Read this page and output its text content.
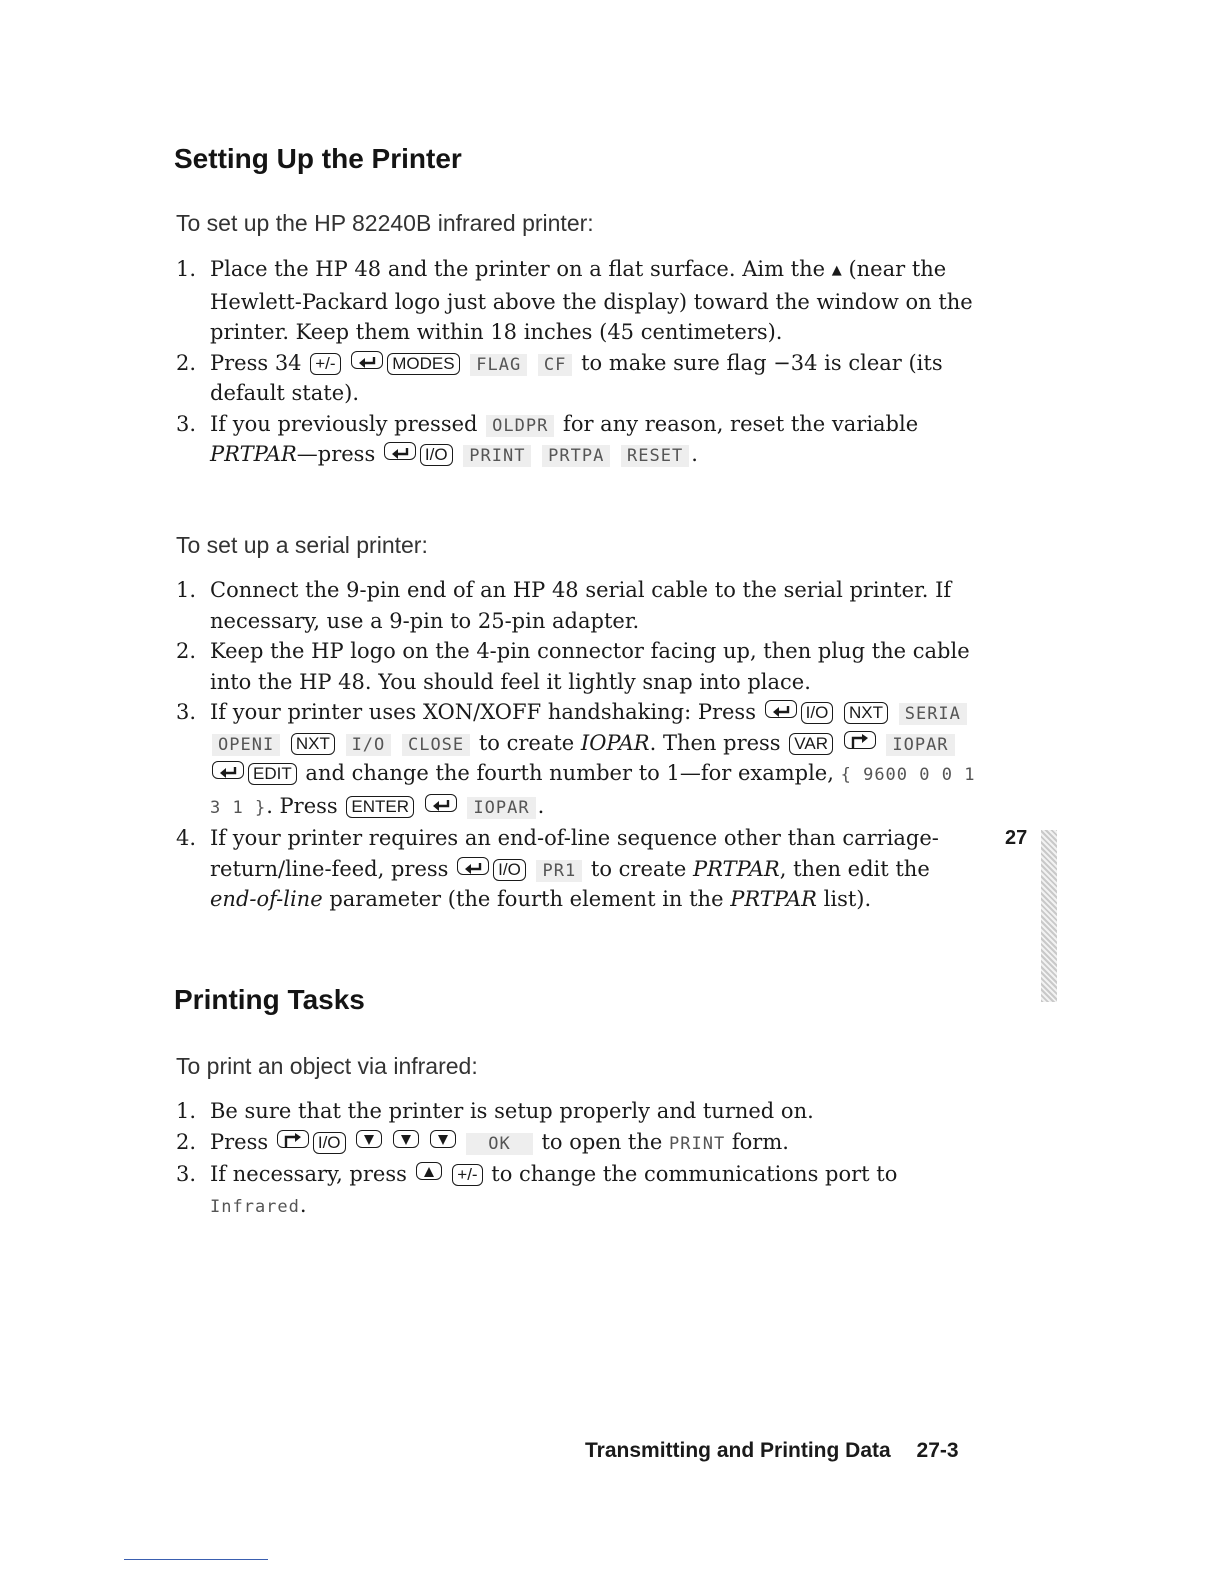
Setting Up the Printer
To set up the HP 82240B infrared printer:
1. Place the HP 48 and the printer on a flat surface. Aim the ▲ (near the Hewlett-Packard logo just above the display) toward the window on the printer. Keep them within 18 inches (45 centimeters).
2. Press 34 +/-	MODES FLAG CF to make sure flag −34 is clear (its default state).
3. If you previously pressed OLDPR for any reason, reset the variable PRTPAR—press	I/O PRINT PRTPA RESET .
To set up a serial printer:
1. Connect the 9-pin end of an HP 48 serial cable to the serial printer. If necessary, use a 9-pin to 25-pin adapter.
2. Keep the HP logo on the 4-pin connector facing up, then plug the cable into the HP 48. You should feel it lightly snap into place.
3. If your printer uses XON/XOFF handshaking: Press	I/O NXT SERIA OPENI NXT I/O CLOSE to create IOPAR. Then press VAR	IOPAR
EDIT and change the fourth number to 1—for example, { 9600 0 0 1 3 1 }. Press ENTER	IOPAR .
4. If your printer requires an end-of-line sequence other than carriage-return/line-feed, press	I/O PR1 to create PRTPAR, then edit the end-of-line parameter (the fourth element in the PRTPAR list).
Printing Tasks
To print an object via infrared:
1. Be sure that the printer is setup properly and turned on.
2. Press	I/O

	OK to open the PRINT form.
3. If necessary, press	+/- to change the communications port to Infrared.
27
Transmitting and Printing Data 27-3
